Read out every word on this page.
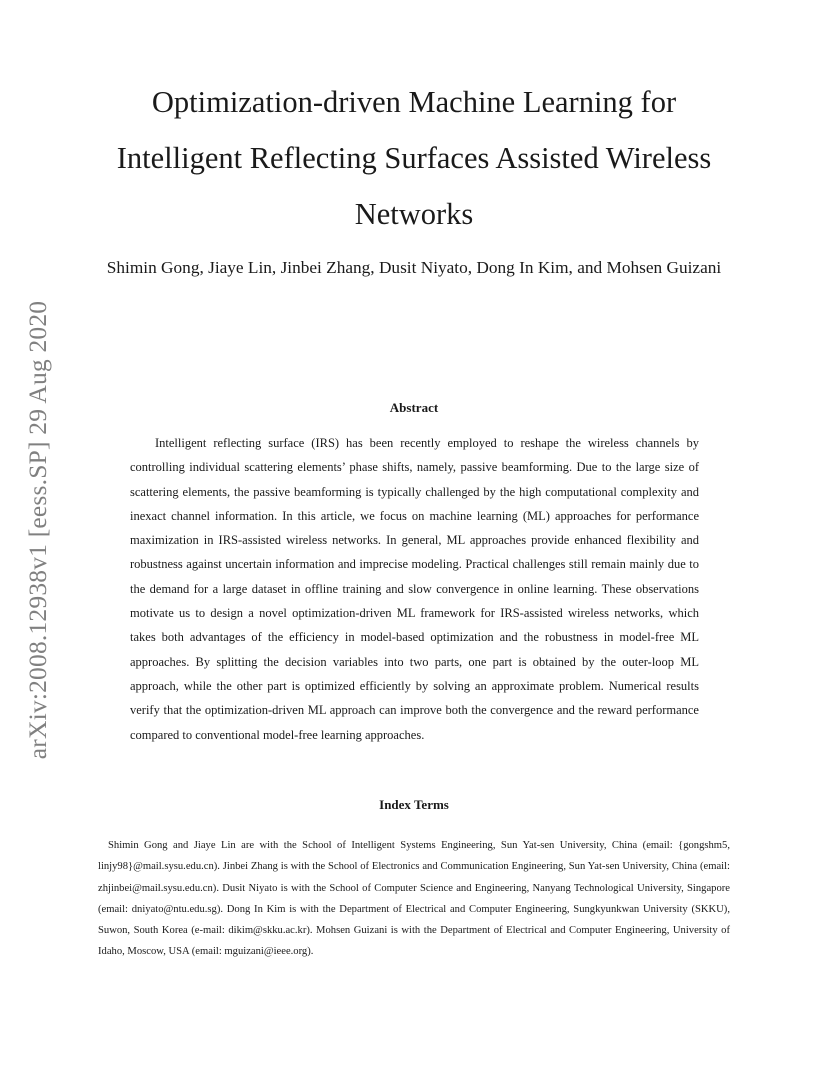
arXiv:2008.12938v1 [eess.SP] 29 Aug 2020
Optimization-driven Machine Learning for Intelligent Reflecting Surfaces Assisted Wireless Networks

Shimin Gong, Jiaye Lin, Jinbei Zhang, Dusit Niyato, Dong In Kim, and Mohsen Guizani

Abstract

Intelligent reflecting surface (IRS) has been recently employed to reshape the wireless channels by controlling individual scattering elements’ phase shifts, namely, passive beamforming. Due to the large size of scattering elements, the passive beamforming is typically challenged by the high computational complexity and inexact channel information. In this article, we focus on machine learning (ML) approaches for performance maximization in IRS-assisted wireless networks. In general, ML approaches provide enhanced flexibility and robustness against uncertain information and imprecise modeling. Practical challenges still remain mainly due to the demand for a large dataset in offline training and slow convergence in online learning. These observations motivate us to design a novel optimization-driven ML framework for IRS-assisted wireless networks, which takes both advantages of the efficiency in model-based optimization and the robustness in model-free ML approaches. By splitting the decision variables into two parts, one part is obtained by the outer-loop ML approach, while the other part is optimized efficiently by solving an approximate problem. Numerical results verify that the optimization-driven ML approach can improve both the convergence and the reward performance compared to conventional model-free learning approaches.

Index Terms

Shimin Gong and Jiaye Lin are with the School of Intelligent Systems Engineering, Sun Yat-sen University, China (email: {gongshm5, linjy98}@mail.sysu.edu.cn). Jinbei Zhang is with the School of Electronics and Communication Engineering, Sun Yat-sen University, China (email: zhjinbei@mail.sysu.edu.cn). Dusit Niyato is with the School of Computer Science and Engineering, Nanyang Technological University, Singapore (email: dniyato@ntu.edu.sg). Dong In Kim is with the Department of Electrical and Computer Engineering, Sungkyunkwan University (SKKU), Suwon, South Korea (e-mail: dikim@skku.ac.kr). Mohsen Guizani is with the Department of Electrical and Computer Engineering, University of Idaho, Moscow, USA (email: mguizani@ieee.org).
